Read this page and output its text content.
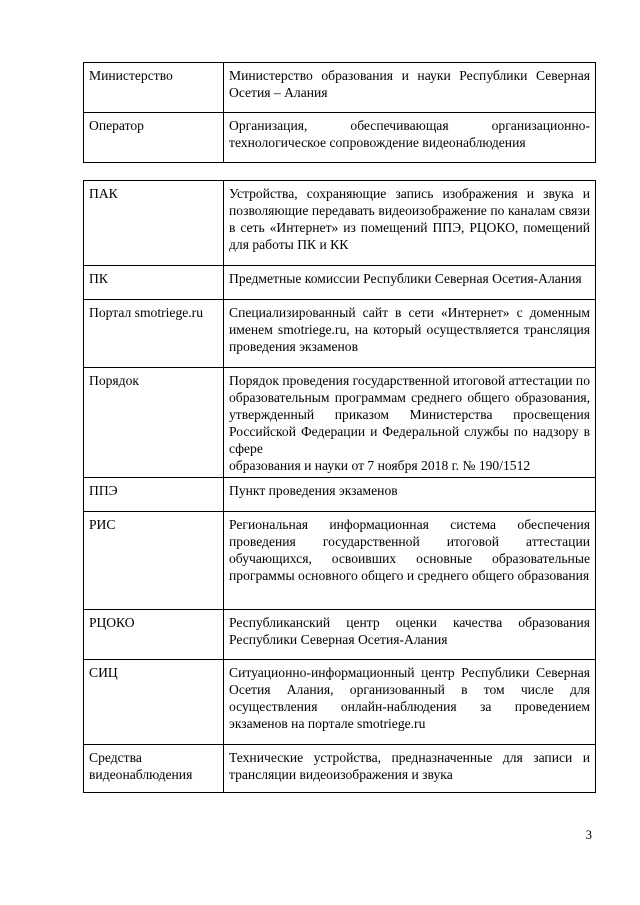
Министерство	Министерство образования и науки Республики Северная Осетия – Алания
Оператор	Организация, обеспечивающая организационно-технологическое сопровождение видеонаблюдения
ПАК	Устройства, сохраняющие запись изображения и звука и позволяющие передавать видеоизображение по каналам связи в сеть «Интернет» из помещений ППЭ, РЦОКО, помещений для работы ПК и КК
ПК	Предметные комиссии Республики Северная Осетия-Алания
Портал smotriege.ru	Специализированный сайт в сети «Интернет» с доменным именем smotriege.ru, на который осуществляется трансляция проведения экзаменов
Порядок	Порядок проведения государственной итоговой аттестации по образовательным программам среднего общего образования, утвержденный приказом Министерства просвещения Российской Федерации и Федеральной службы по надзору в сфере
образования и науки от 7 ноября 2018 г. № 190/1512

ППЭ	Пункт проведения экзаменов
РИС	Региональная информационная система обеспечения проведения государственной итоговой аттестации обучающихся, освоивших основные образовательные программы основного общего и среднего общего образования
РЦОКО	Республиканский центр оценки качества образования Республики Северная Осетия-Алания
СИЦ	Ситуационно-информационный центр Республики Северная Осетия Алания, организованный в том числе для осуществления онлайн-наблюдения за проведением экзаменов на портале smotriege.ru
Средства видеонаблюдения	Технические устройства, предназначенные для записи и трансляции видеоизображения и звука
3
